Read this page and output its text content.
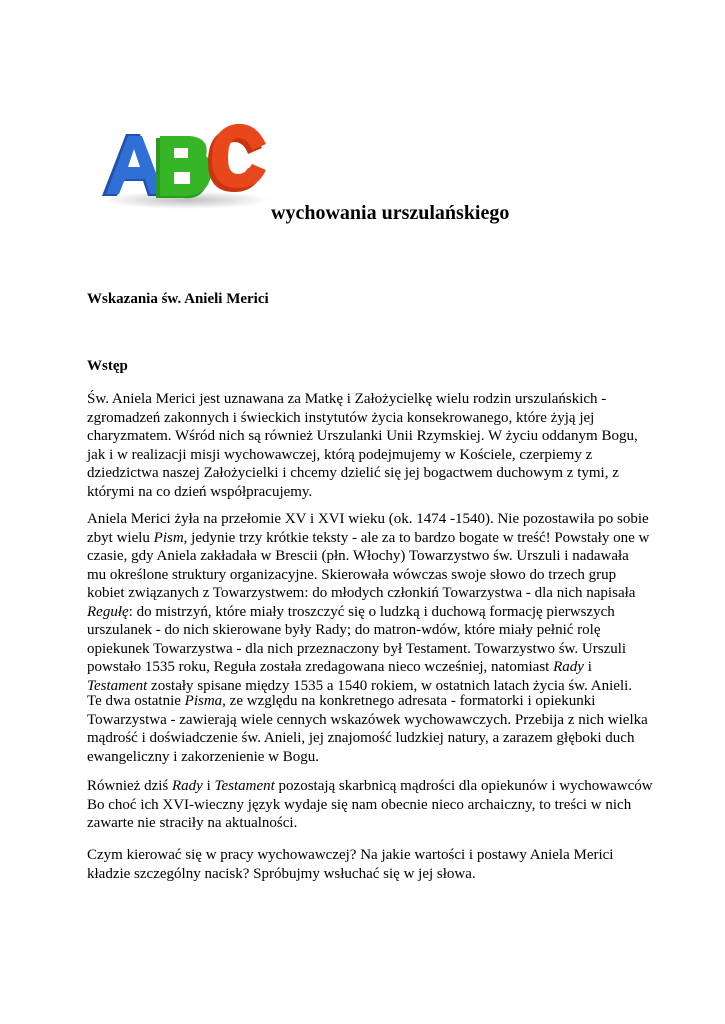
wychowania urszulańskiego
Wskazania św. Anieli Merici
Wstęp
Św. Aniela Merici jest uznawana za Matkę i Założycielkę wielu rodzin urszulańskich -
zgromadzeń zakonnych i świeckich instytutów życia konsekrowanego, które żyją jej
charyzmatem. Wśród nich są również Urszulanki Unii Rzymskiej. W życiu oddanym Bogu,
jak i w realizacji misji wychowawczej, którą podejmujemy w Kościele, czerpiemy z
dziedzictwa naszej Założycielki i chcemy dzielić się jej bogactwem duchowym z tymi, z
którymi na co dzień współpracujemy.
Aniela Merici żyła na przełomie XV i XVI wieku (ok. 1474 -1540). Nie pozostawiła po sobie
zbyt wielu Pism, jedynie trzy krótkie teksty - ale za to bardzo bogate w treść! Powstały one w
czasie, gdy Aniela zakładała w Brescii (płn. Włochy) Towarzystwo św. Urszuli i nadawała
mu określone struktury organizacyjne. Skierowała wówczas swoje słowo do trzech grup
kobiet związanych z Towarzystwem: do młodych członkiń Towarzystwa - dla nich napisała
Regułę: do mistrzyń, które miały troszczyć się o ludzką i duchową formację pierwszych
urszulanek - do nich skierowane były Rady; do matron-wdów, które miały pełnić rolę
opiekunek Towarzystwa - dla nich przeznaczony był Testament. Towarzystwo św. Urszuli
powstało 1535 roku, Reguła została zredagowana nieco wcześniej, natomiast Rady i
Testament zostały spisane między 1535 a 1540 rokiem, w ostatnich latach życia św. Anieli.
Te dwa ostatnie Pisma, ze względu na konkretnego adresata - formatorki i opiekunki
Towarzystwa - zawierają wiele cennych wskazówek wychowawczych. Przebija z nich wielka
mądrość i doświadczenie św. Anieli, jej znajomość ludzkiej natury, a zarazem głęboki duch
ewangeliczny i zakorzenienie w Bogu.
Również dziś Rady i Testament pozostają skarbnicą mądrości dla opiekunów i wychowawców
Bo choć ich XVI-wieczny język wydaje się nam obecnie nieco archaiczny, to treści w nich
zawarte nie straciły na aktualności.
Czym kierować się w pracy wychowawczej? Na jakie wartości i postawy Aniela Merici
kładzie szczególny nacisk? Spróbujmy wsłuchać się w jej słowa.
